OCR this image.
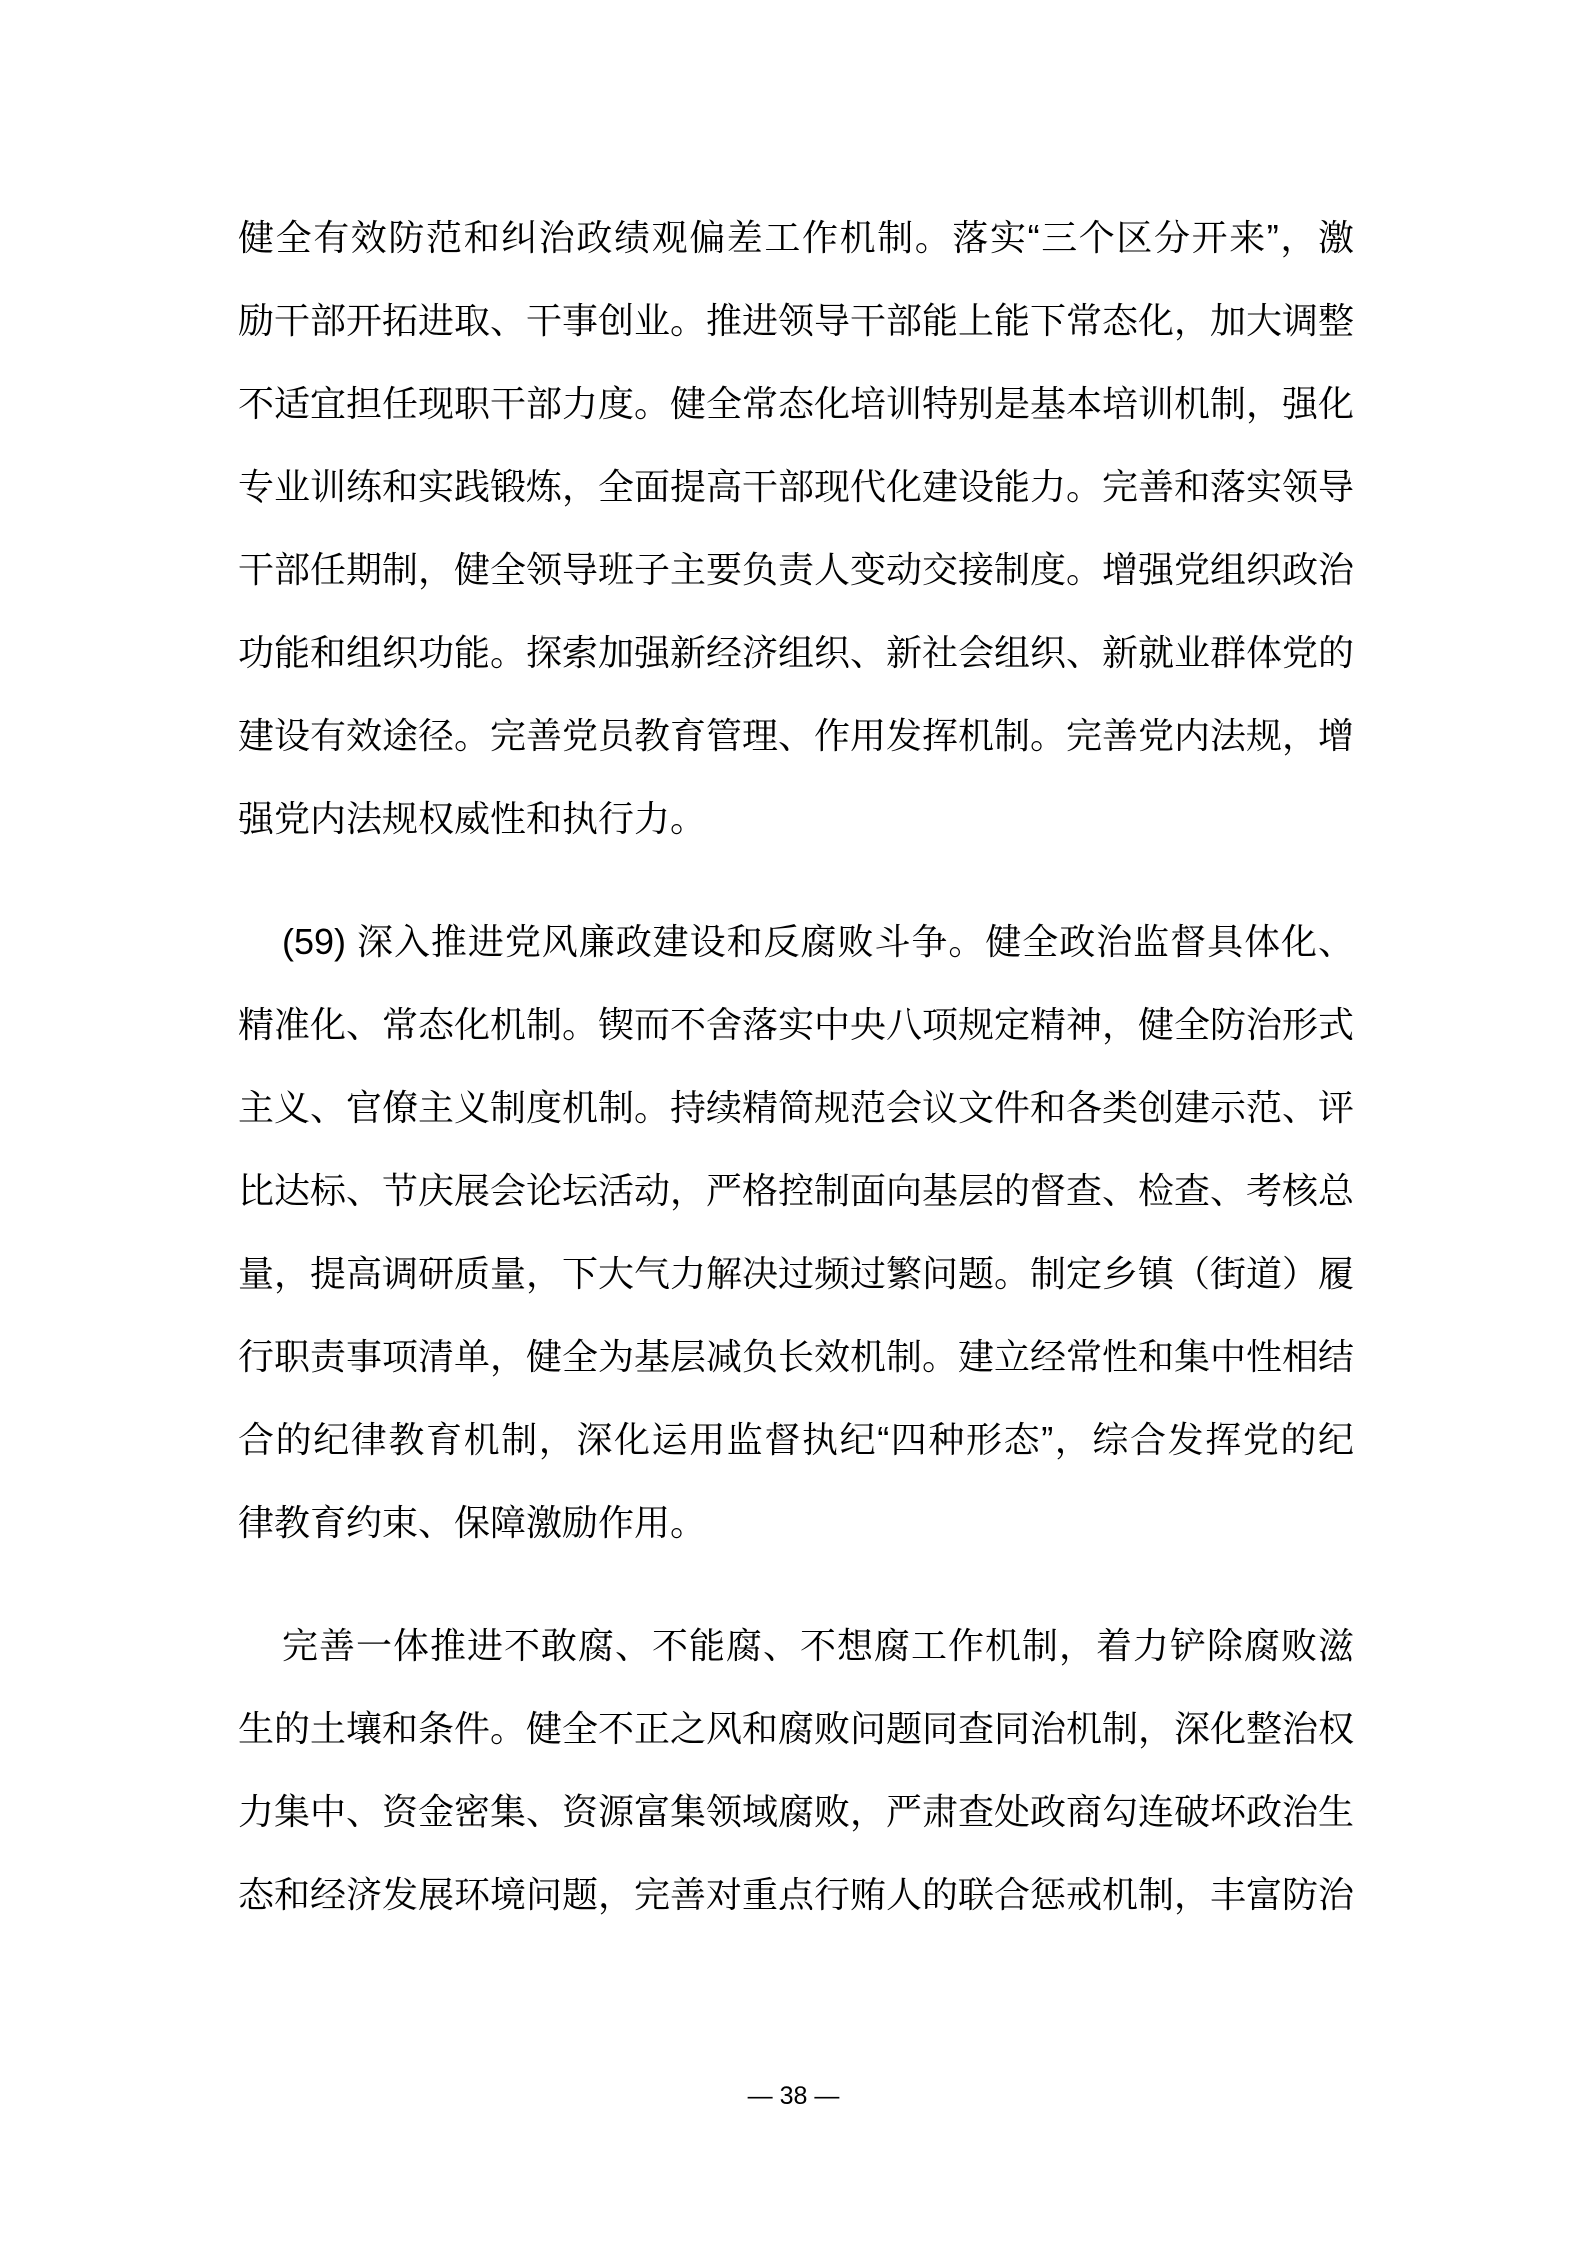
健全有效防范和纠治政绩观偏差工作机制。落实“三个区分开来”，激
励干部开拓进取、干事创业。推进领导干部能上能下常态化，加大调整
不适宜担任现职干部力度。健全常态化培训特别是基本培训机制，强化
专业训练和实践锻炼，全面提高干部现代化建设能力。完善和落实领导
干部任期制，健全领导班子主要负责人变动交接制度。增强党组织政治
功能和组织功能。探索加强新经济组织、新社会组织、新就业群体党的
建设有效途径。完善党员教育管理、作用发挥机制。完善党内法规，增
强党内法规权威性和执行力。
(59) 深入推进党风廉政建设和反腐败斗争。健全政治监督具体化、
精准化、常态化机制。锲而不舍落实中央八项规定精神，健全防治形式
主义、官僚主义制度机制。持续精简规范会议文件和各类创建示范、评
比达标、节庆展会论坛活动，严格控制面向基层的督查、检查、考核总
量，提高调研质量，下大气力解决过频过繁问题。制定乡镇（街道）履
行职责事项清单，健全为基层减负长效机制。建立经常性和集中性相结
合的纪律教育机制，深化运用监督执纪“四种形态”，综合发挥党的纪
律教育约束、保障激励作用。
完善一体推进不敢腐、不能腐、不想腐工作机制，着力铲除腐败滋
生的土壤和条件。健全不正之风和腐败问题同查同治机制，深化整治权
力集中、资金密集、资源富集领域腐败，严肃查处政商勾连破坏政治生
态和经济发展环境问题，完善对重点行贿人的联合惩戒机制，丰富防治
— 38 —
